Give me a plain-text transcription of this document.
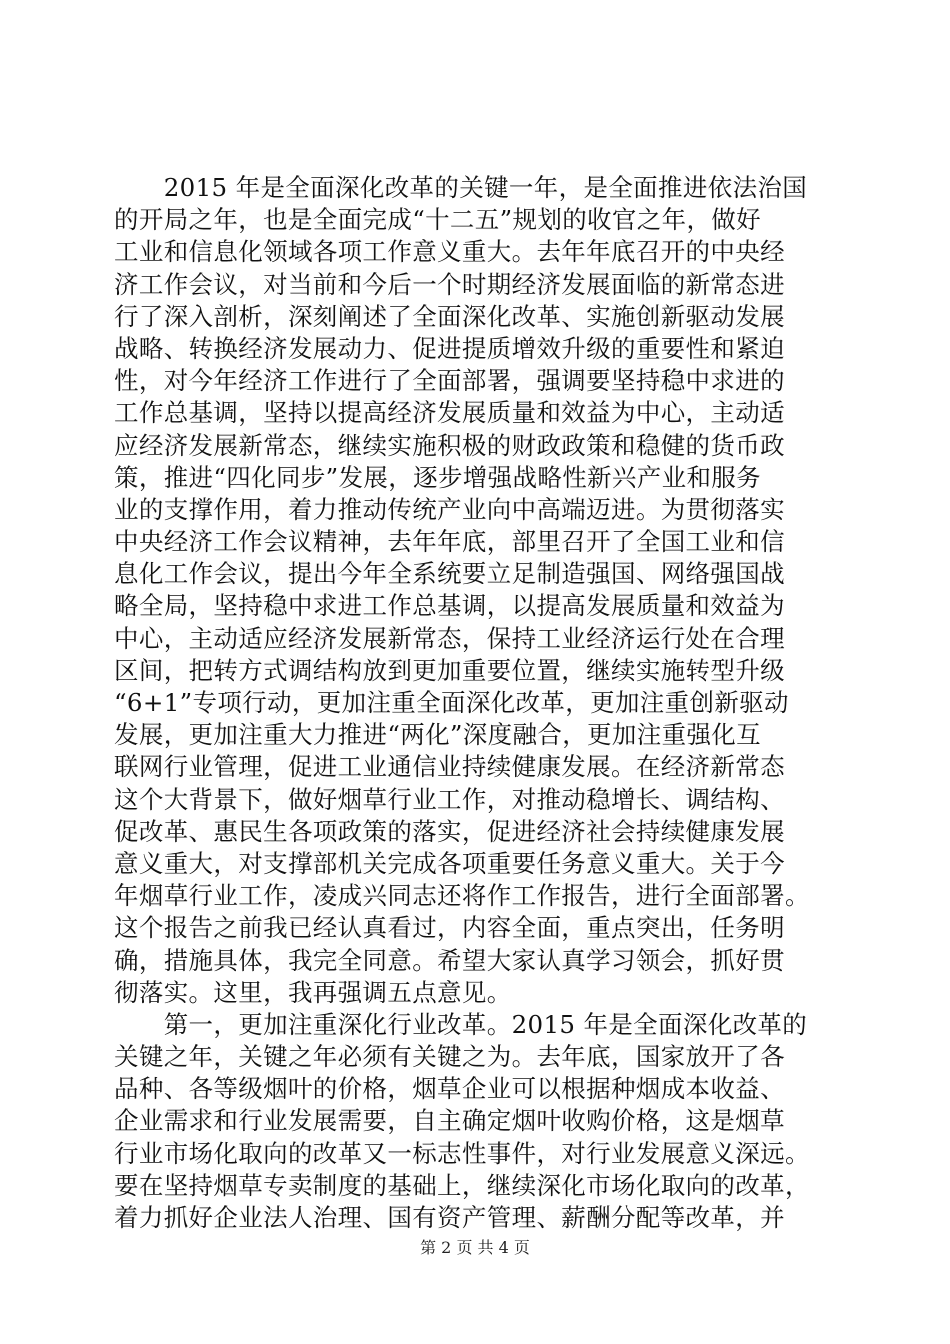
　　2015 年是全面深化改革的关键一年，是全面推进依法治国
的开局之年，也是全面完成“十二五”规划的收官之年，做好
工业和信息化领域各项工作意义重大。去年年底召开的中央经
济工作会议，对当前和今后一个时期经济发展面临的新常态进
行了深入剖析，深刻阐述了全面深化改革、实施创新驱动发展
战略、转换经济发展动力、促进提质增效升级的重要性和紧迫
性，对今年经济工作进行了全面部署，强调要坚持稳中求进的
工作总基调，坚持以提高经济发展质量和效益为中心，主动适
应经济发展新常态，继续实施积极的财政政策和稳健的货币政
策，推进“四化同步”发展，逐步增强战略性新兴产业和服务
业的支撑作用，着力推动传统产业向中高端迈进。为贯彻落实
中央经济工作会议精神，去年年底，部里召开了全国工业和信
息化工作会议，提出今年全系统要立足制造强国、网络强国战
略全局，坚持稳中求进工作总基调，以提高发展质量和效益为
中心，主动适应经济发展新常态，保持工业经济运行处在合理
区间，把转方式调结构放到更加重要位置，继续实施转型升级
“6+1”专项行动，更加注重全面深化改革，更加注重创新驱动
发展，更加注重大力推进“两化”深度融合，更加注重强化互
联网行业管理，促进工业通信业持续健康发展。在经济新常态
这个大背景下，做好烟草行业工作，对推动稳增长、调结构、
促改革、惠民生各项政策的落实，促进经济社会持续健康发展
意义重大，对支撑部机关完成各项重要任务意义重大。关于今
年烟草行业工作，凌成兴同志还将作工作报告，进行全面部署。
这个报告之前我已经认真看过，内容全面，重点突出，任务明
确，措施具体，我完全同意。希望大家认真学习领会，抓好贯
彻落实。这里，我再强调五点意见。
　　第一，更加注重深化行业改革。2015 年是全面深化改革的
关键之年，关键之年必须有关键之为。去年底，国家放开了各
品种、各等级烟叶的价格，烟草企业可以根据种烟成本收益、
企业需求和行业发展需要，自主确定烟叶收购价格，这是烟草
行业市场化取向的改革又一标志性事件，对行业发展意义深远。
要在坚持烟草专卖制度的基础上，继续深化市场化取向的改革，
着力抓好企业法人治理、国有资产管理、薪酬分配等改革，并
第 2 页 共 4 页
